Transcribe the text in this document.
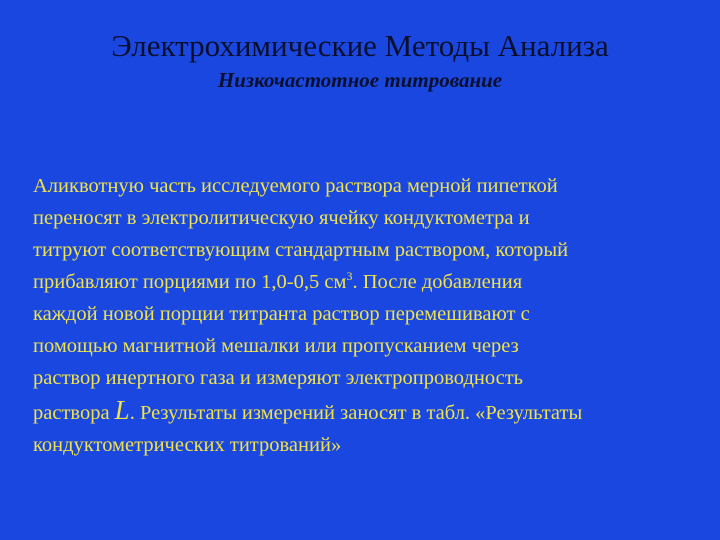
Электрохимические Методы Анализа
Низкочастотное титрование
Аликвотную часть исследуемого раствора мерной пипеткой
переносят в электролитическую ячейку кондуктометра и
титруют соответствующим стандартным раствором, который
прибавляют порциями по 1,0-0,5 $см^3$. После добавления
каждой новой порции титранта раствор перемешивают с
помощью магнитной мешалки или пропусканием через
раствор инертного газа и измеряют электропроводность
раствора L. Результаты измерений заносят в табл. «Результаты
кондуктометрических титрований»
